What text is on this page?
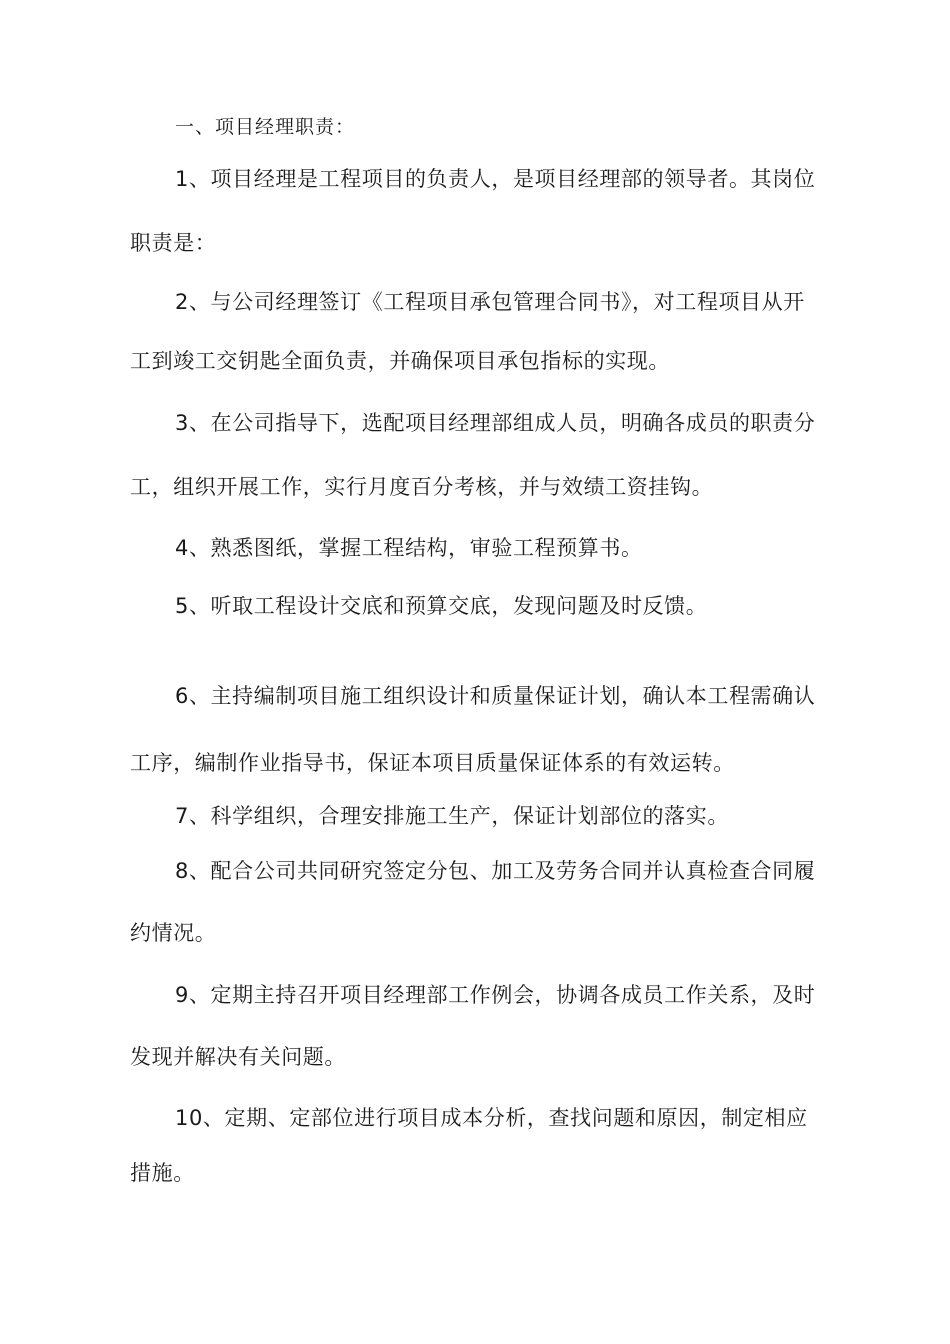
一、项目经理职责：
1、项目经理是工程项目的负责人，是项目经理部的领导者。其岗位
职责是：
2、与公司经理签订《工程项目承包管理合同书》，对工程项目从开
工到竣工交钥匙全面负责，并确保项目承包指标的实现。
3、在公司指导下，选配项目经理部组成人员，明确各成员的职责分
工，组织开展工作，实行月度百分考核，并与效绩工资挂钩。
4、熟悉图纸，掌握工程结构，审验工程预算书。
5、听取工程设计交底和预算交底，发现问题及时反馈。
6、主持编制项目施工组织设计和质量保证计划，确认本工程需确认
工序，编制作业指导书，保证本项目质量保证体系的有效运转。
7、科学组织，合理安排施工生产，保证计划部位的落实。
8、配合公司共同研究签定分包、加工及劳务合同并认真检查合同履
约情况。
9、定期主持召开项目经理部工作例会，协调各成员工作关系，及时
发现并解决有关问题。
10、定期、定部位进行项目成本分析，查找问题和原因，制定相应
措施。
